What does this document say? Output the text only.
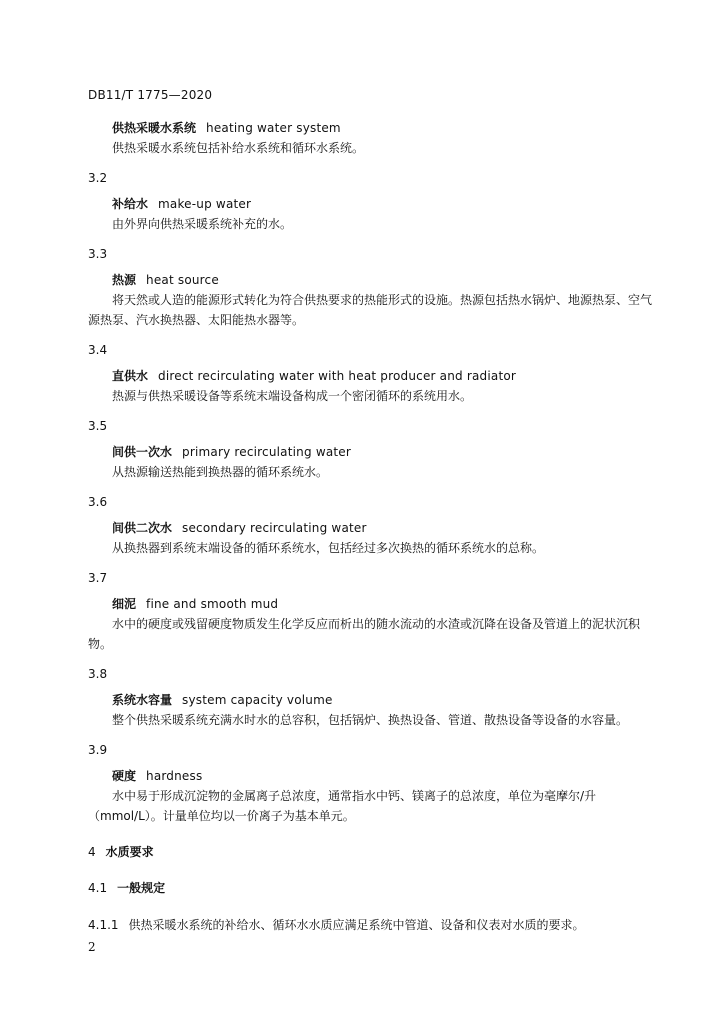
DB11/T 1775—2020
供热采暖水系统 heating water system

供热采暖水系统包括补给水系统和循环水系统。

3.2

补给水 make-up water

由外界向供热采暖系统补充的水。

3.3

热源 heat source

将天然或人造的能源形式转化为符合供热要求的热能形式的设施。热源包括热水锅炉、地源热泵、空气源热泵、汽水换热器、太阳能热水器等。

3.4

直供水 direct recirculating water with heat producer and radiator

热源与供热采暖设备等系统末端设备构成一个密闭循环的系统用水。

3.5

间供一次水 primary recirculating water

从热源输送热能到换热器的循环系统水。

3.6

间供二次水 secondary recirculating water

从换热器到系统末端设备的循环系统水，包括经过多次换热的循环系统水的总称。

3.7

细泥 fine and smooth mud

水中的硬度或残留硬度物质发生化学反应而析出的随水流动的水渣或沉降在设备及管道上的泥状沉积物。

3.8

系统水容量 system capacity volume

整个供热采暖系统充满水时水的总容积，包括锅炉、换热设备、管道、散热设备等设备的水容量。

3.9

硬度 hardness

水中易于形成沉淀物的金属离子总浓度，通常指水中钙、镁离子的总浓度，单位为毫摩尔/升（mmol/L）。计量单位均以一价离子为基本单元。

4 水质要求

4.1 一般规定

4.1.1 供热采暖水系统的补给水、循环水水质应满足系统中管道、设备和仪表对水质的要求。

2
